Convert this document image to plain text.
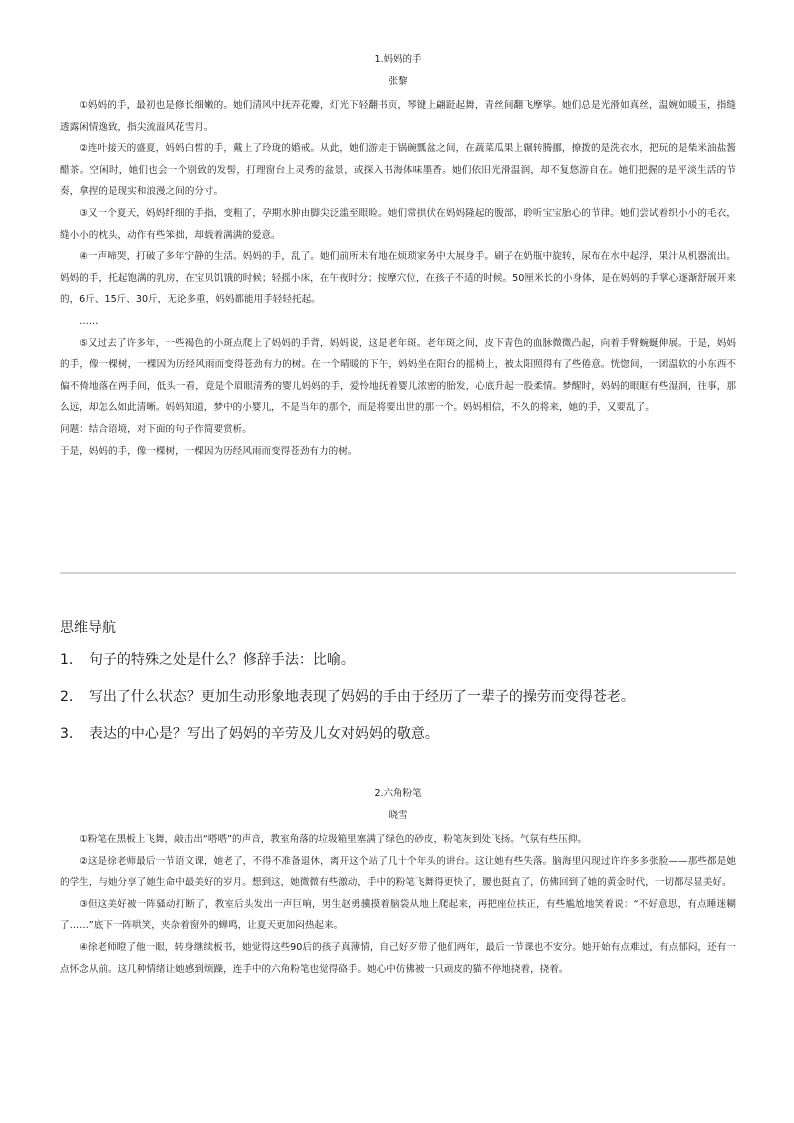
1.妈妈的手

张黎

①妈妈的手，最初也是修长细嫩的。她们清风中抚弄花瓣，灯光下轻翻书页，琴键上翩跹起舞，青丝间翻飞摩挲。她们总是光滑如真丝，温婉如暖玉，指缝透露闲情逸致，指尖流溢风花雪月。

②连叶接天的盛夏，妈妈白皙的手，戴上了玲珑的婚戒。从此，她们游走于锅碗瓢盆之间，在蔬菜瓜果上辗转腾挪，撩拨的是洗衣水，把玩的是柴米油盐酱醋茶。空闲时，她们也会一个别致的发髻，打理窗台上灵秀的盆景，或探入书海体味墨香。她们依旧光滑温润，却不复悠游自在。她们把握的是平淡生活的节奏，拿捏的是现实和浪漫之间的分寸。

③又一个夏天，妈妈纤细的手指，变粗了，孕期水肿由脚尖泛滥至眼睑。她们常拱伏在妈妈隆起的腹部，聆听宝宝胎心的节律。她们尝试着织小小的毛衣，缝小小的枕头，动作有些笨拙，却载着满满的爱意。

④一声啼哭，打破了多年宁静的生活。妈妈的手，乱了。她们前所未有地在烦琐家务中大展身手。刷子在奶瓶中旋转，尿布在水中起浮，果汁从机器流出。妈妈的手，托起饱满的乳房，在宝贝饥饿的时候；轻摇小床，在午夜时分；按摩穴位，在孩子不适的时候。50厘米长的小身体，是在妈妈的手掌心逐渐舒展开来的，6斤、15斤、30斤，无论多重，妈妈都能用手轻轻托起。

……

⑤又过去了许多年，一些褐色的小斑点爬上了妈妈的手背，妈妈说，这是老年斑。老年斑之间，皮下青色的血脉微微凸起，向着手臂蜿蜒伸展。于是，妈妈的手，像一棵树，一棵因为历经风雨而变得苍劲有力的树。在一个晴暖的下午，妈妈坐在阳台的摇椅上，被太阳照得有了些倦意。恍惚间，一团温软的小东西不偏不倚地落在两手间，低头一看，竟是个眉眼清秀的婴儿妈妈的手，爱怜地抚着婴儿浓密的胎发，心底升起一股柔情。梦醒时，妈妈的眼眶有些湿润，往事，那么远，却怎么如此清晰。妈妈知道，梦中的小婴儿，不是当年的那个，而是将要出世的那一个。妈妈相信，不久的将来，她的手，又要乱了。

问题：结合语境，对下面的句子作简要赏析。

于是，妈妈的手，像一棵树，一棵因为历经风雨而变得苍劲有力的树。

思维导航

1． 句子的特殊之处是什么？修辞手法：比喻。

2． 写出了什么状态？更加生动形象地表现了妈妈的手由于经历了一辈子的操劳而变得苍老。

3． 表达的中心是？写出了妈妈的辛劳及儿女对妈妈的敬意。

2.六角粉笔

晓雪

①粉笔在黑板上飞舞，敲击出“嗒嗒”的声音，教室角落的垃圾箱里塞满了绿色的砂皮，粉笔灰到处飞扬。气氛有些压抑。

②这是徐老师最后一节语文课，她老了，不得不准备退休，离开这个站了几十个年头的讲台。这让她有些失落。脑海里闪现过许许多多张脸——那些都是她的学生，与她分享了她生命中最美好的岁月。想到这，她微微有些激动，手中的粉笔飞舞得更快了，腰也挺直了，仿佛回到了她的黄金时代，一切都尽显美好。

③但这美好被一阵骚动打断了，教室后头发出一声巨响，男生赵勇骥摸着脑袋从地上爬起来，再把座位扶正，有些尴尬地笑着说：“不好意思，有点睡迷糊了……”底下一阵哄笑，夹杂着窗外的蝉鸣，让夏天更加闷热起来。

④徐老师瞪了他一眼，转身继续板书，她觉得这些90后的孩子真薄情，自己好歹带了他们两年，最后一节课也不安分。她开始有点难过，有点郁闷，还有一点怀念从前。这几种情绪让她感到烦躁，连手中的六角粉笔也觉得硌手。她心中仿佛被一只顽皮的猫不停地挠着，挠着。
